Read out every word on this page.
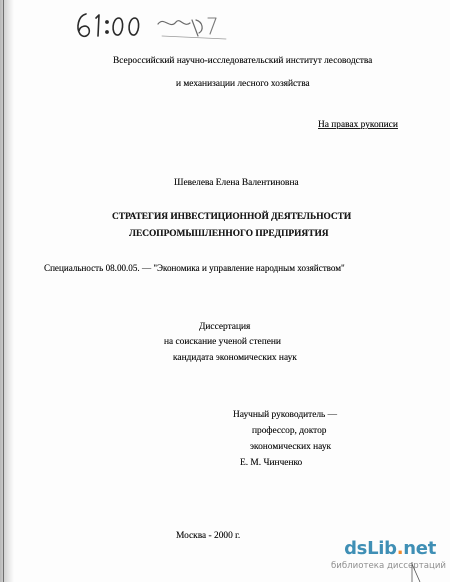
Всероссийский научно-исследовательский институт лесоводства
и механизации лесного хозяйства
На правах рукописи
Шевелева Елена Валентиновна
СТРАТЕГИЯ ИНВЕСТИЦИОННОЙ ДЕЯТЕЛЬНОСТИ
ЛЕСОПРОМЫШЛЕННОГО ПРЕДПРИЯТИЯ
Специальность 08.00.05. — "Экономика и управление народным хозяйством"
Диссертация
на соискание ученой степени
кандидата экономических наук
Научный руководитель —
профессор, доктор
экономических наук
Е. М. Чинченко
Москва - 2000 г.
dsLib.net
библиотека диссертаций
